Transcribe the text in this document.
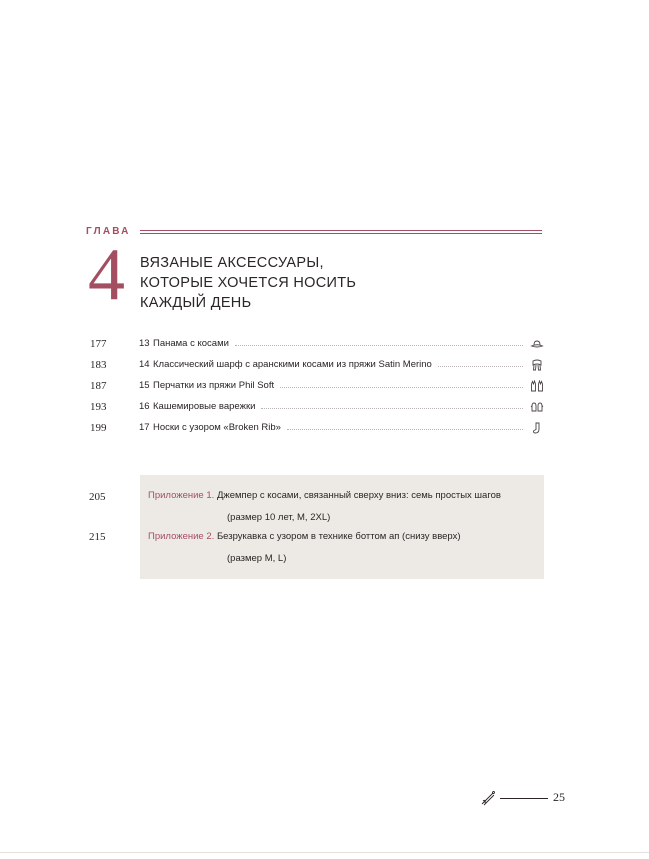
ГЛАВА
4 ВЯЗАНЫЕ АКСЕССУАРЫ,
КОТОРЫЕ ХОЧЕТСЯ НОСИТЬ
КАЖДЫЙ ДЕНЬ
177	13 Панама с косами
183	14 Классический шарф с аранскими косами из пряжи Satin Merino
187	15 Перчатки из пряжи Phil Soft
193	16 Кашемировые варежки
199	17 Носки с узором «Broken Rib»
205	Приложение 1. Джемпер с косами, связанный сверху вниз: семь простых шагов
(размер 10 лет, M, 2XL)
215	Приложение 2. Безрукавка с узором в технике боттом ап (снизу вверх)
(размер M, L)
25
